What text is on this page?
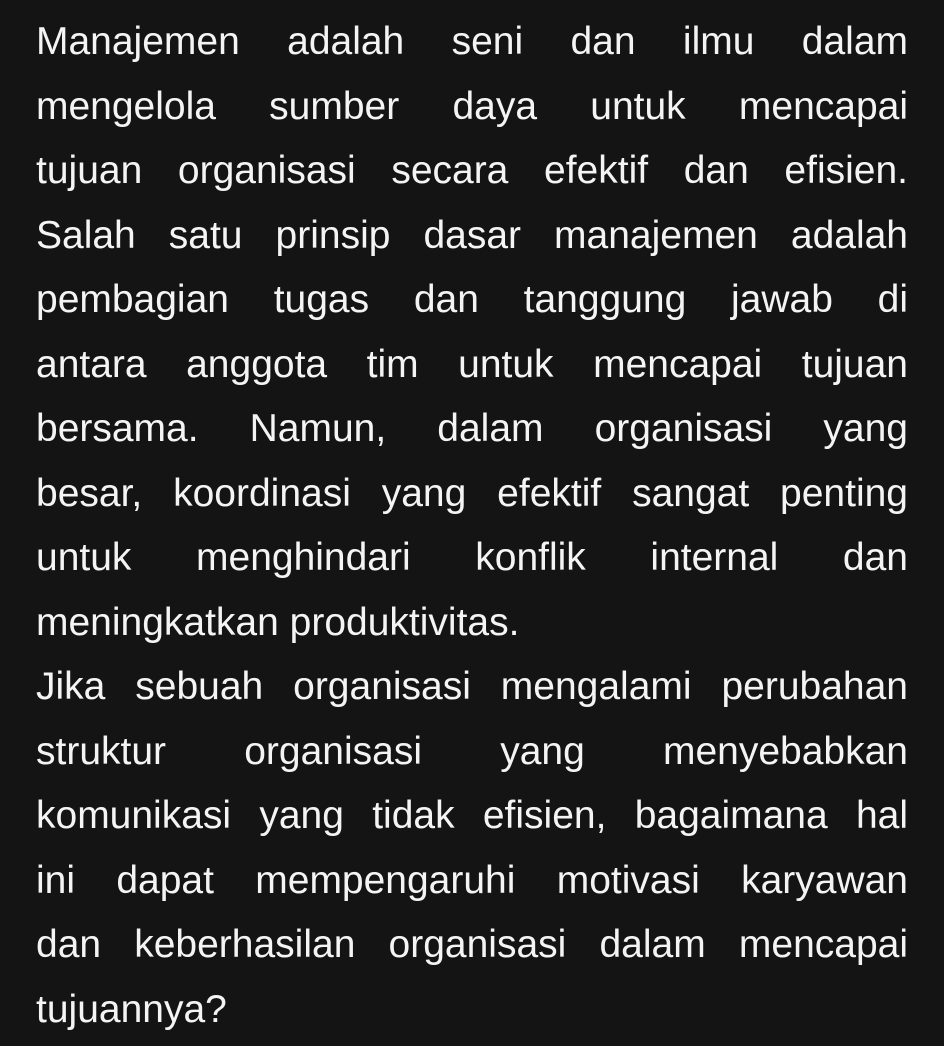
Manajemen adalah seni dan ilmu dalam
mengelola sumber daya untuk mencapai
tujuan organisasi secara efektif dan efisien.
Salah satu prinsip dasar manajemen adalah
pembagian tugas dan tanggung jawab di
antara anggota tim untuk mencapai tujuan
bersama. Namun, dalam organisasi yang
besar, koordinasi yang efektif sangat penting
untuk menghindari konflik internal dan
meningkatkan produktivitas.
Jika sebuah organisasi mengalami perubahan
struktur organisasi yang menyebabkan
komunikasi yang tidak efisien, bagaimana hal
ini dapat mempengaruhi motivasi karyawan
dan keberhasilan organisasi dalam mencapai
tujuannya?
